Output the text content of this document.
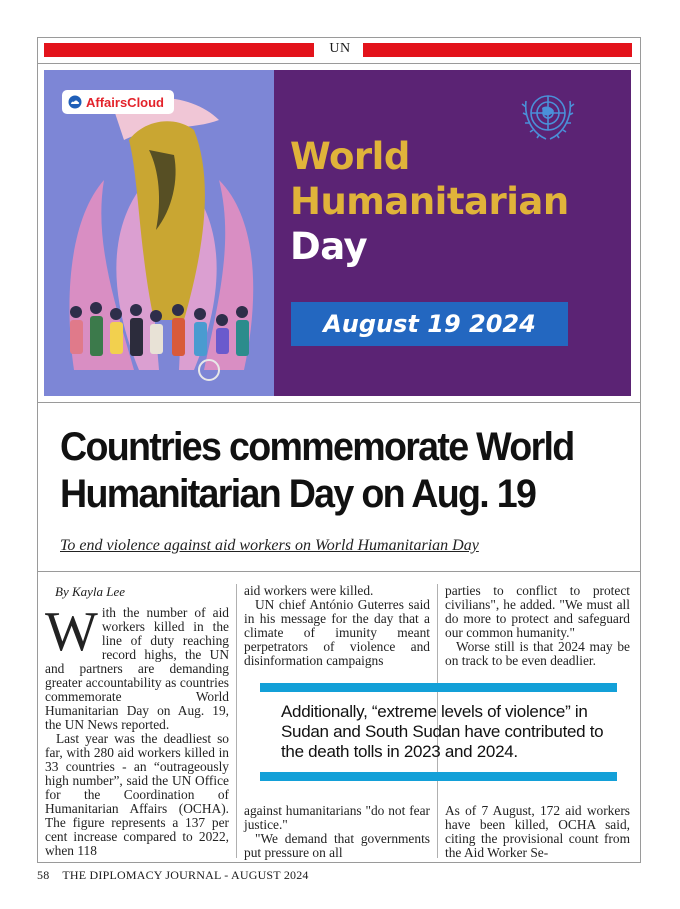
UN
AffairsCloud
World
Humanitarian
Day
August 19 2024
Countries commemorate World
Humanitarian Day on Aug. 19
To end violence against aid workers on World Humanitarian Day
By Kayla Lee

With the number of aid workers killed in the line of duty reaching record highs, the UN and partners are demanding greater accountability as countries commemorate World Humanitarian Day on Aug. 19, the UN News reported.

Last year was the deadliest so far, with 280 aid workers killed in 33 countries - an “outrageously high number”, said the UN Office for the Coordination of Humanitarian Affairs (OCHA). The figure represents a 137 per cent increase compared to 2022, when 118

aid workers were killed.

UN chief António Guterres said in his message for the day that a climate of imunity meant perpetrators of violence and disinformation campaigns

parties to conflict to protect civilians", he added. "We must all do more to protect and safeguard our common humanity."

Worse still is that 2024 may be on track to be even deadlier.

Additionally, “extreme levels of violence” in Sudan and South Sudan have contributed to the death tolls in 2023 and 2024.

against humanitarians "do not fear justice."

"We demand that governments put pressure on all

As of 7 August, 172 aid workers have been killed, OCHA said, citing the provisional count from the Aid Worker Se-

58 THE DIPLOMACY JOURNAL - AUGUST 2024
